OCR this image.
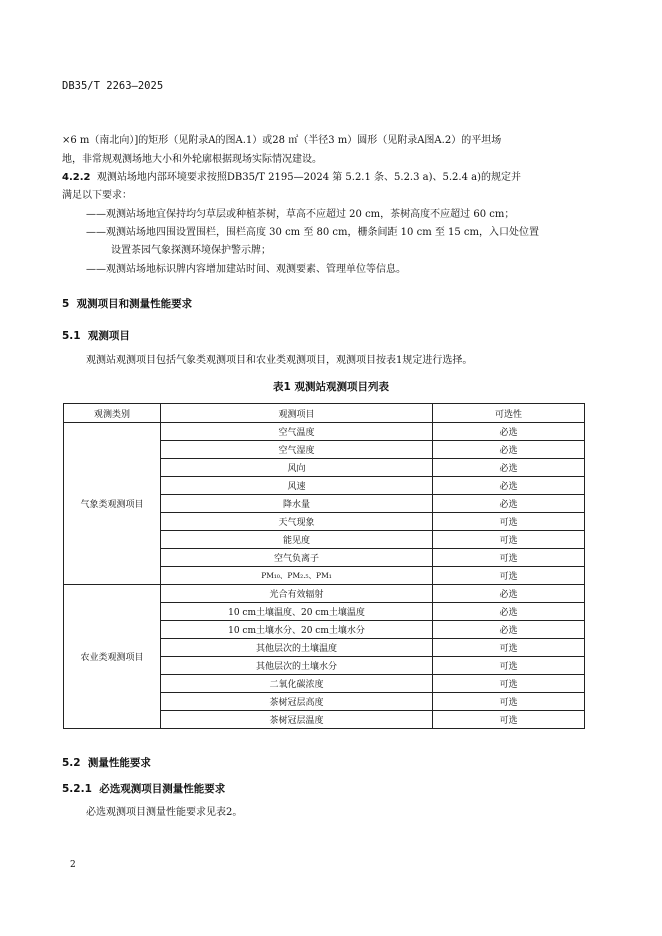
DB35/T 2263—2025
×6 m（南北向）]的矩形（见附录A的图A.1）或28 ㎡（半径3 m）圆形（见附录A图A.2）的平坦场
地，非常规观测场地大小和外轮廓根据现场实际情况建设。
4.2.2 观测站场地内部环境要求按照DB35/T 2195—2024 第 5.2.1 条、5.2.3 a)、5.2.4 a)的规定并
满足以下要求：
——观测站场地宜保持均匀草层或种植茶树，草高不应超过 20 cm，茶树高度不应超过 60 cm；
——观测站场地四围设置围栏，围栏高度 30 cm 至 80 cm，栅条间距 10 cm 至 15 cm，入口处位置
设置茶园气象探测环境保护警示牌；
——观测站场地标识牌内容增加建站时间、观测要素、管理单位等信息。
5 观测项目和测量性能要求
5.1 观测项目
观测站观测项目包括气象类观测项目和农业类观测项目，观测项目按表1规定进行选择。
表1 观测站观测项目列表
观测类别	观测项目	可选性
气象类观测项目	空气温度	必选
	空气湿度	必选
	风向	必选
	风速	必选
	降水量	必选
	天气现象	可选
	能见度	可选
	空气负离子	可选
	PM₁₀、PM₂.₅、PM₁	可选
农业类观测项目	光合有效辐射	必选
	10 cm土壤温度、20 cm土壤温度	必选
	10 cm土壤水分、20 cm土壤水分	必选
	其他层次的土壤温度	可选
	其他层次的土壤水分	可选
	二氧化碳浓度	可选
	茶树冠层高度	可选
	茶树冠层温度	可选
5.2 测量性能要求
5.2.1 必选观测项目测量性能要求
必选观测项目测量性能要求见表2。
2
